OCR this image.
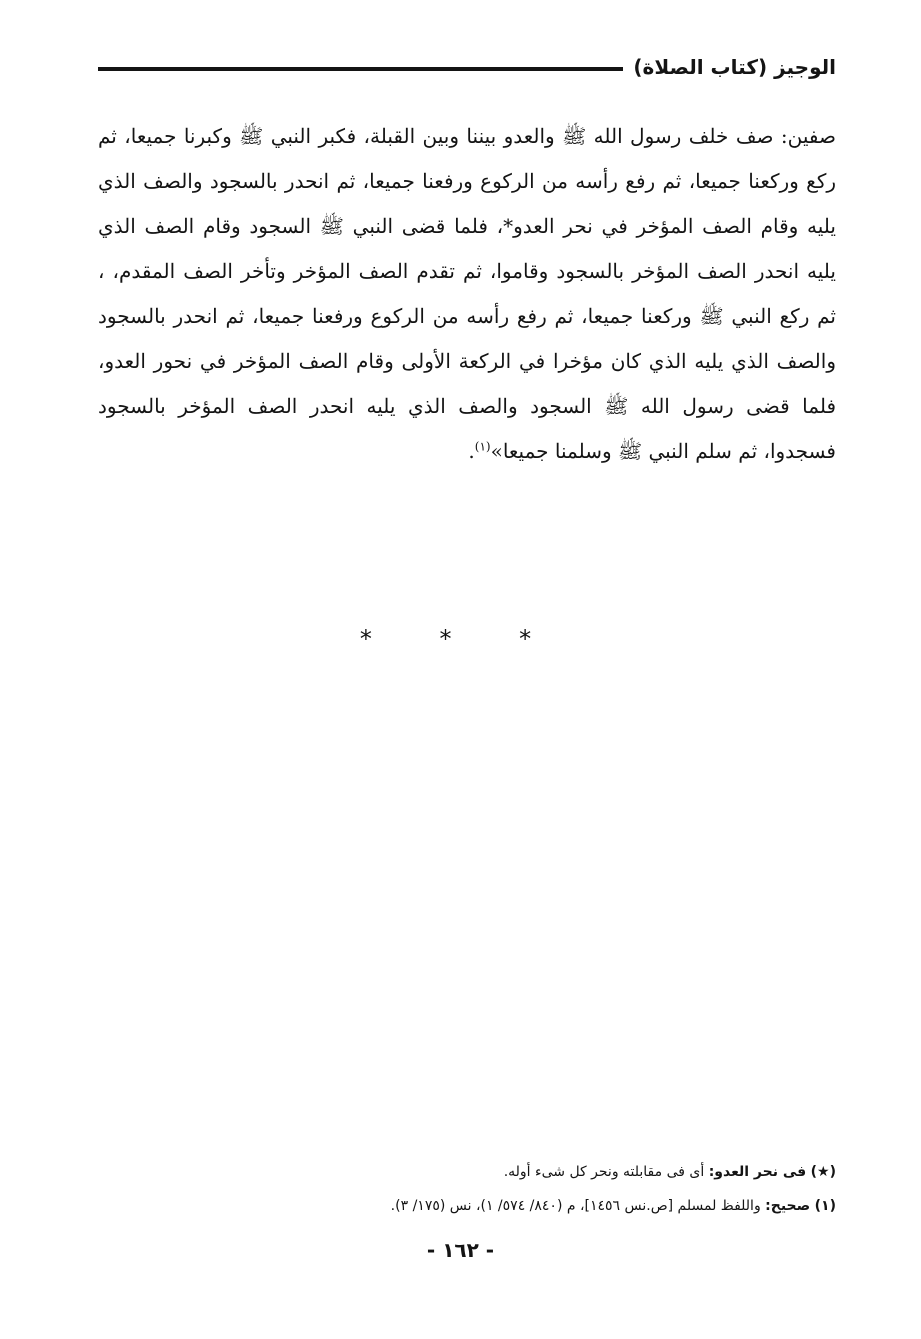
الوجيز (كتاب الصلاة)
صفين: صف خلف رسول الله ﷺ والعدو بيننا وبين القبلة، فكبر النبي ﷺ وكبرنا جميعا، ثم ركع وركعنا جميعا، ثم رفع رأسه من الركوع ورفعنا جميعا، ثم انحدر بالسجود والصف الذي يليه وقام الصف المؤخر في نحر العدو*، فلما قضى النبي ﷺ السجود وقام الصف الذي يليه انحدر الصف المؤخر بالسجود وقاموا، ثم تقدم الصف المؤخر وتأخر الصف المقدم، ، ثم ركع النبي ﷺ وركعنا جميعا، ثم رفع رأسه من الركوع ورفعنا جميعا، ثم انحدر بالسجود والصف الذي يليه الذي كان مؤخرا في الركعة الأولى وقام الصف المؤخر في نحور العدو، فلما قضى رسول الله ﷺ السجود والصف الذي يليه انحدر الصف المؤخر بالسجود فسجدوا، ثم سلم النبي ﷺ وسلمنا جميعا»$^{(١)}$.
* * *
(★) فى نحر العدو: أى فى مقابلته ونحر كل شىء أوله.
(١) صحيح: واللفظ لمسلم [ص.نس ١٤٥٦]، م (٨٤٠/ ٥٧٤/ ١)، نس (١٧٥/ ٣).
- ١٦٢ -
